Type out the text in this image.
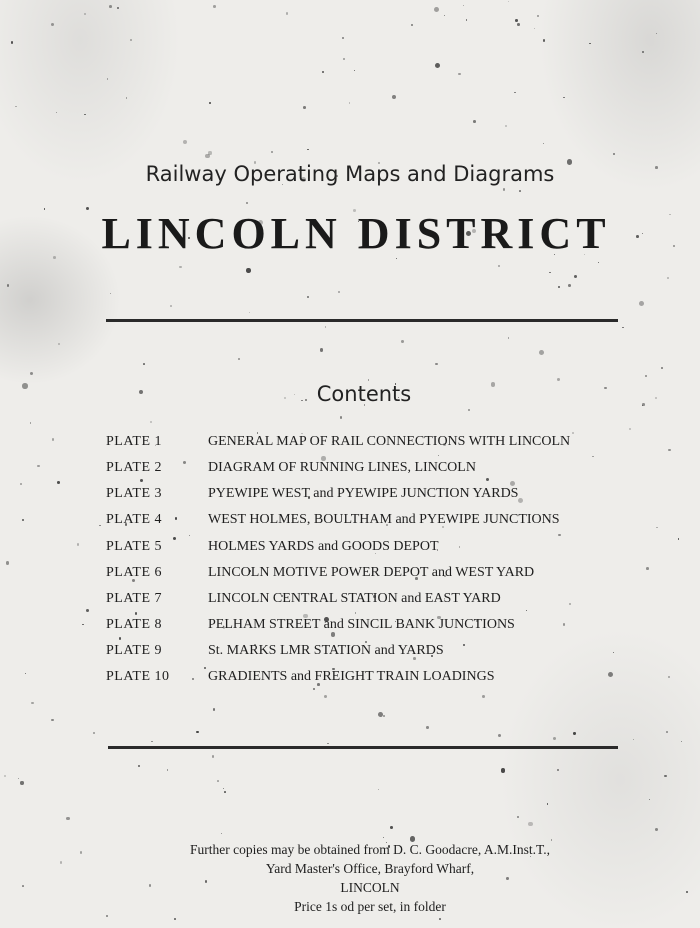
Railway Operating Maps and Diagrams
LINCOLN DISTRICT
Contents
PLATE 1	GENERAL MAP OF RAIL CONNECTIONS WITH LINCOLN
PLATE 2	DIAGRAM OF RUNNING LINES, LINCOLN
PLATE 3	PYEWIPE WEST and PYEWIPE JUNCTION YARDS
PLATE 4	WEST HOLMES, BOULTHAM and PYEWIPE JUNCTIONS
PLATE 5	HOLMES YARDS and GOODS DEPOT
PLATE 6	LINCOLN MOTIVE POWER DEPOT and WEST YARD
PLATE 7	LINCOLN CENTRAL STATION and EAST YARD
PLATE 8	PELHAM STREET and SINCIL BANK JUNCTIONS
PLATE 9	St. MARKS LMR STATION and YARDS
PLATE 10	GRADIENTS and FREIGHT TRAIN LOADINGS
Further copies may be obtained from D. C. Goodacre, A.M.Inst.T.,
Yard Master's Office, Brayford Wharf,
LINCOLN
Price 1s od per set, in folder
